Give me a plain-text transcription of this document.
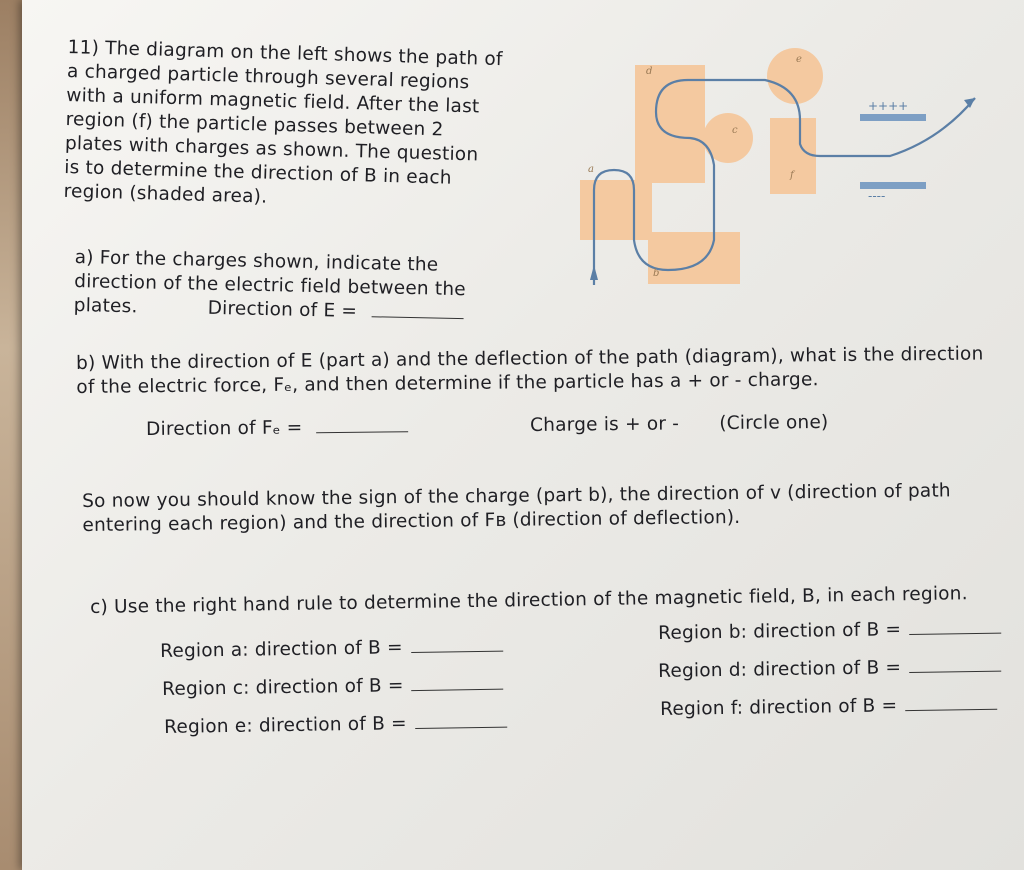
11) The diagram on the left shows the path of
a charged particle through several regions
with a uniform magnetic field. After the last
region (f) the particle passes between 2
plates with charges as shown. The question
is to determine the direction of B in each
region (shaded area).
a) For the charges shown, indicate the
direction of the electric field between the
plates.	Direction of E =
a
b
c
d
e
f
++++
----
b) With the direction of E (part a) and the deflection of the path (diagram), what is the direction
of the electric force, Fₑ, and then determine if the particle has a + or - charge.
Direction of Fₑ =	Charge is + or - (Circle one)
So now you should know the sign of the charge (part b), the direction of v (direction of path
entering each region) and the direction of Fʙ (direction of deflection).
c) Use the right hand rule to determine the direction of the magnetic field, B, in each region.
Region a: direction of B =
Region c: direction of B =
Region e: direction of B =
Region b: direction of B =
Region d: direction of B =
Region f: direction of B =
